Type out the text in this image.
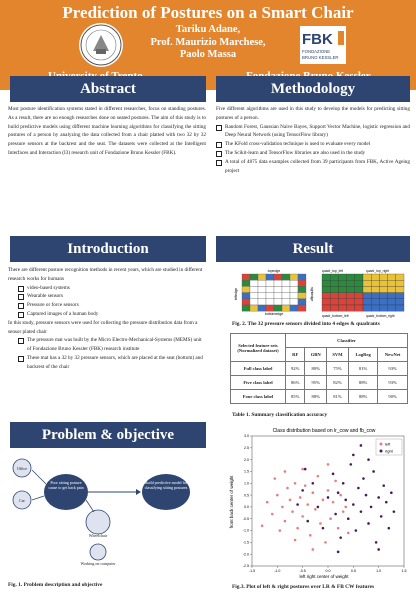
Prediction of Postures on a Smart Chair
Tariku Adane,
Prof. Maurizio Marchese,
Paolo Massa
FBK
FONDAZIONE
BRUNO KESSLER
Abstract

Most posture identification systems stated in different researches, focus on standing postures. As a result, there are no enough researches done on seated postures. The aim of this study is to build predictive models using different machine learning algorithms for classifying the sitting postures of a person by analyzing the data collected from a chair platted with two 32 by 32 pressure sensors at the backrest and the seat. The datasets were collected at the Intelligent Interfaces and Interaction (I3) research unit of Fondazione Bruno Kessler (FBK).

Introduction

There are different posture recognition methods in recent years, which are studied in different research works for humans

video-based systems
Wearable sensors
Pressure or force sensors
Captured images of a human body

In this study, pressure sensors were used for collecting the pressure distribution data from a sensor plated chair

The pressure mat was built by the Micro Electro-Mechanical-Systems (MEMS) unit of Fondazione Bruno Kessler (FBK) research institute
These mat has a 32 by 32 pressure sensors, which are placed at the seat (bottom) and backrest of the chair
Problem & objective
Office
Car
Wheelchair
Working on computer
Poor sitting posture cause to get back pain
Build predictive model for classifying sitting postures
Fig. 1. Problem description and objective
Methodology

Five different algorithms are used in this study to develop the models for predicting sitting postures of a person.

Random Forest, Gaussian Naive Bayes, Support Vector Machine, logistic regression and Deep Neural Network (using TensorFlow library)
The KFold cross-validation technique is used to evaluate every model
The Scikit-learn and TensorFlow libraries are also used in the study
A total of 4875 data examples collected from 39 participants from FBK, Active Ageing project
Result
topedge
bottomedge
leftedge	rightedge
quadr_top_left	quadr_top_right
quadr_bottom_left	quadr_bottom_right
Fig. 2. The 32 pressure sensors divided into 4 edges & quadrants
Selected feature sets (Normalized dataset)	Classifier				
	RF	GBN	SVM	LogReg	NewNet
Full class label	92%	80%	75%	81%	93%
Five class label	86%	95%	82%	88%	93%
Four class label	85%	88%	81%	88%	90%
Table 1. Summary classification accuracy
Class distribution based on lr_cow and fb_cow
left right center of weight
front back center of weight
-1.5	-1.0	-0.5	0.0	0.5	1.0	1.5
-2.5
-2.0
-1.5
-1.0
-0.5
0.0
0.5
1.0
1.5
2.0
2.5
3.0
left
right
Fig.3. Plot of left & right postures over LR & FB CW features
